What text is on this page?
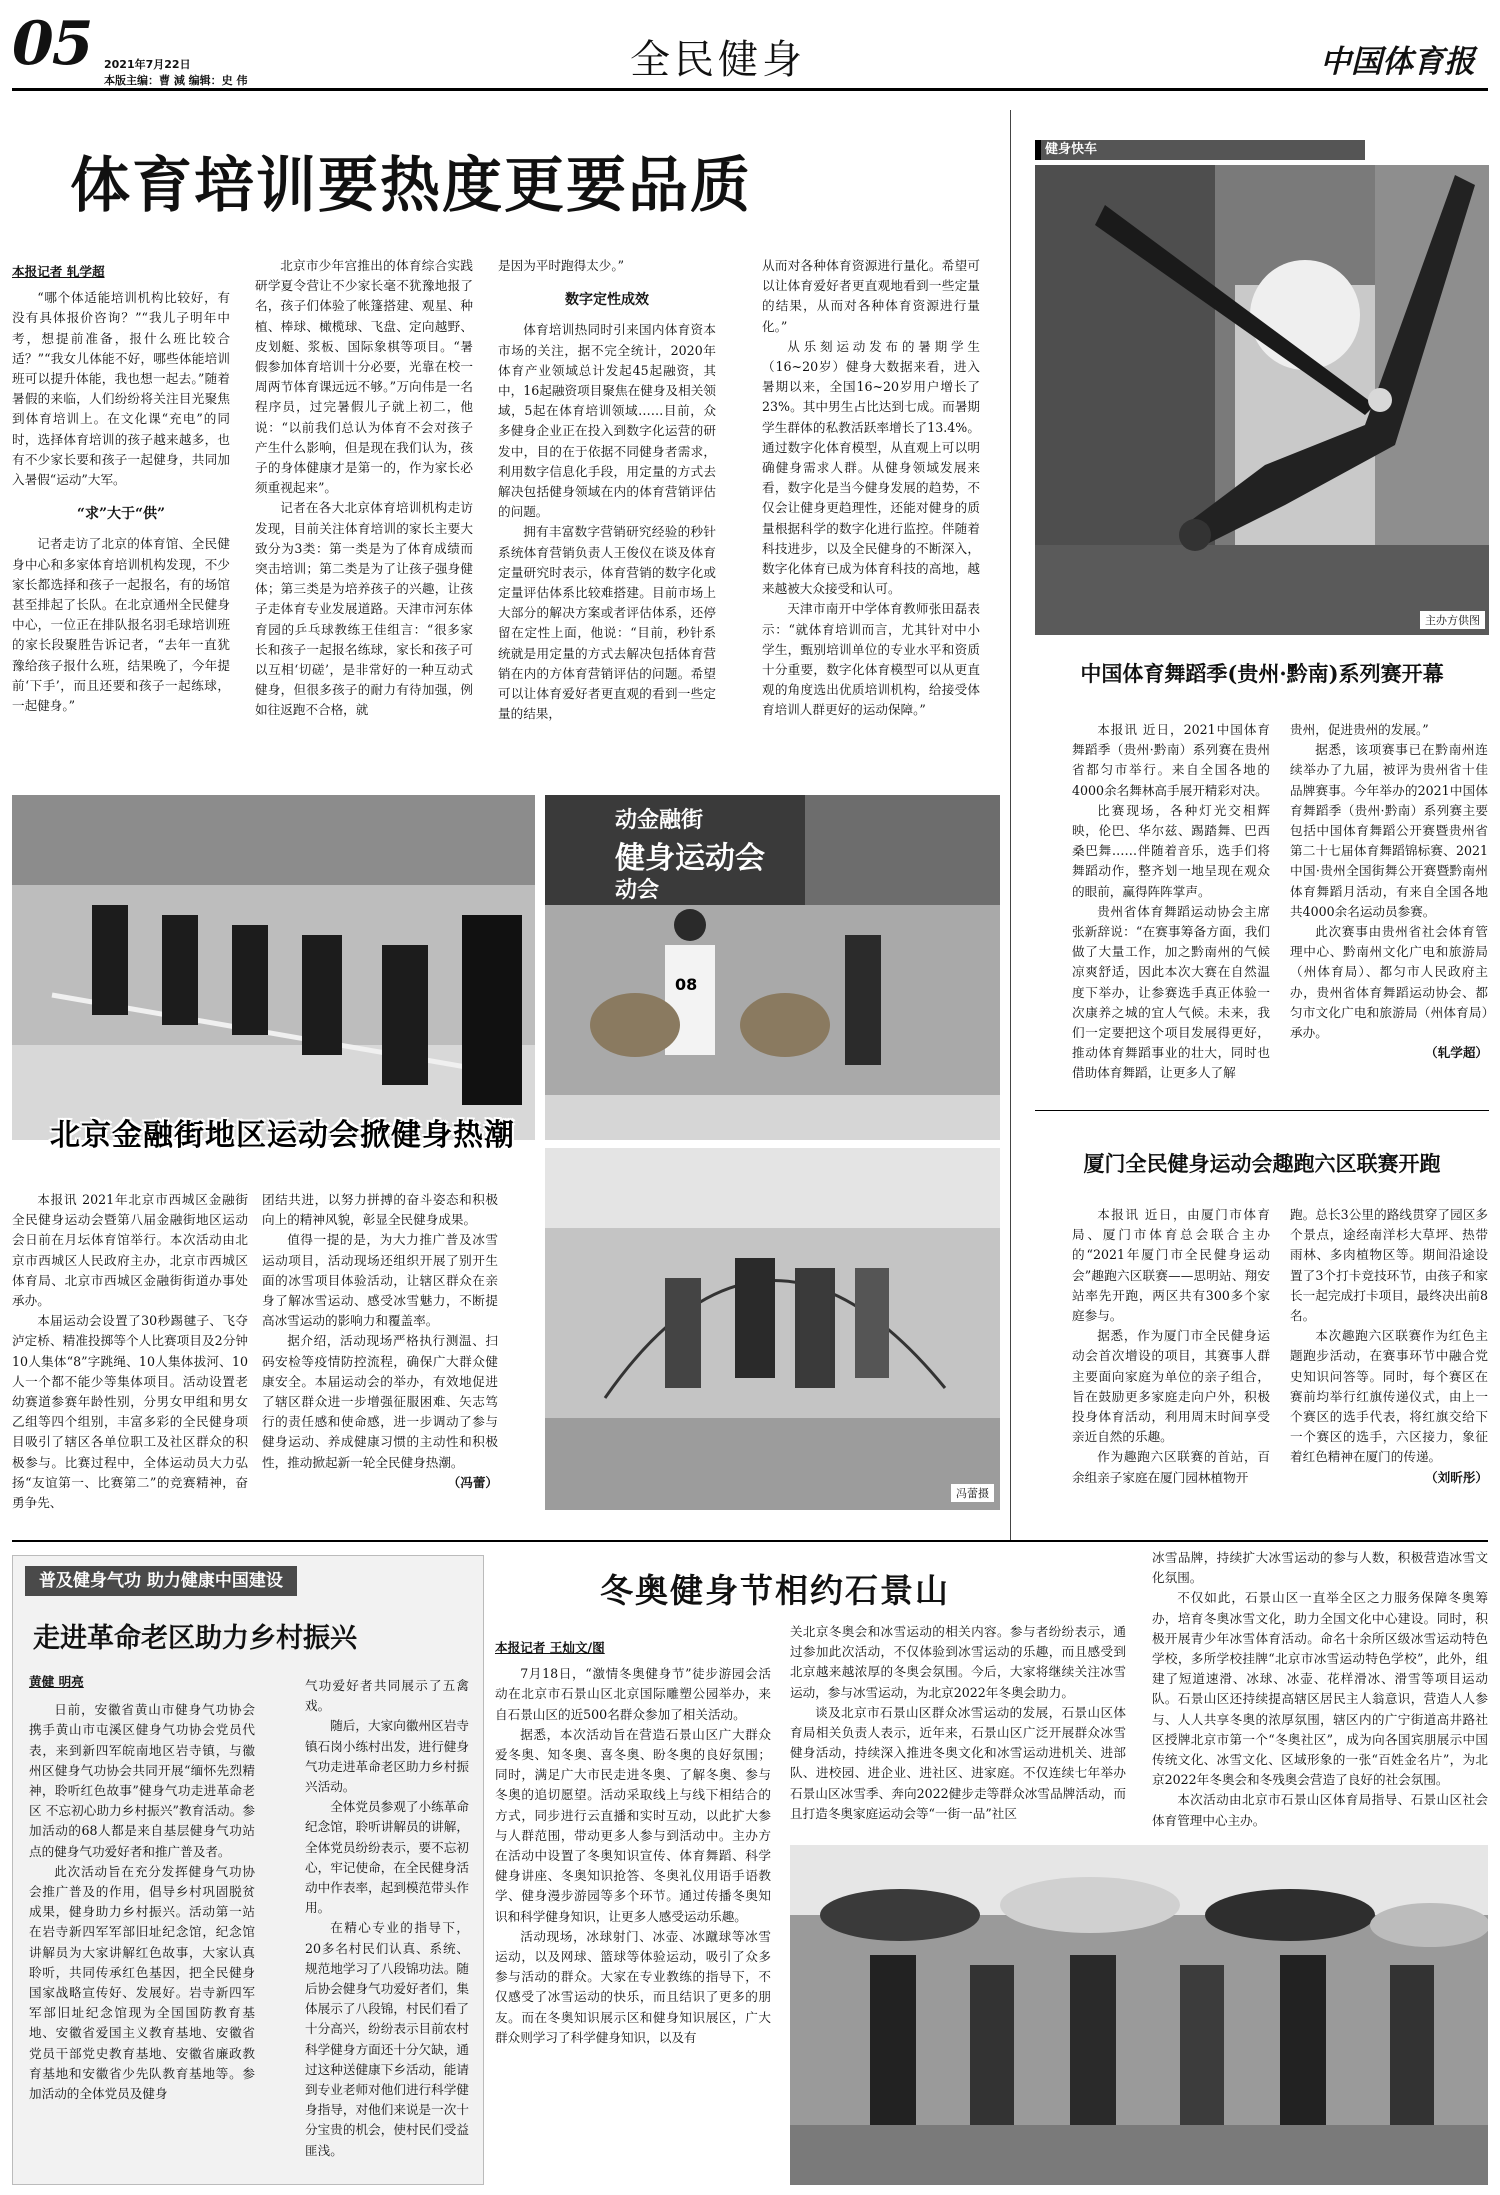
05 2021年7月22日
本版主编：曹 減 编辑：史 伟	全民健身	中国体育报
体育培训要热度更要品质

本报记者 轧学超

“哪个体适能培训机构比较好，有没有具体报价咨询？”“我儿子明年中考，想提前准备，报什么班比较合适？”“我女儿体能不好，哪些体能培训班可以提升体能，我也想一起去。”随着暑假的来临，人们纷纷将关注目光聚焦到体育培训上。在文化课“充电”的同时，选择体育培训的孩子越来越多，也有不少家长要和孩子一起健身，共同加入暑假“运动”大军。

“求”大于“供”

记者走访了北京的体育馆、全民健身中心和多家体育培训机构发现，不少家长都选择和孩子一起报名，有的场馆甚至排起了长队。在北京通州全民健身中心，一位正在排队报名羽毛球培训班的家长段聚胜告诉记者，“去年一直犹豫给孩子报什么班，结果晚了，今年提前‘下手’，而且还要和孩子一起练球，一起健身。”

北京市少年宫推出的体育综合实践研学夏令营让不少家长毫不犹豫地报了名，孩子们体验了帐篷搭建、观星、种植、棒球、橄榄球、飞盘、定向越野、皮划艇、浆板、国际象棋等项目。“暑假参加体育培训十分必要，光靠在校一周两节体育课远远不够。”万向伟是一名程序员，过完暑假儿子就上初二，他说：“以前我们总认为体育不会对孩子产生什么影响，但是现在我们认为，孩子的身体健康才是第一的，作为家长必须重视起来”。

记者在各大北京体育培训机构走访发现，目前关注体育培训的家长主要大致分为3类：第一类是为了体育成绩而突击培训；第二类是为了让孩子强身健体；第三类是为培养孩子的兴趣，让孩子走体育专业发展道路。天津市河东体育园的乒乓球教练王佳组言：“很多家长和孩子一起报名练球，家长和孩子可以互相‘切磋’，是非常好的一种互动式健身，但很多孩子的耐力有待加强，例如往返跑不合格，就

是因为平时跑得太少。”

数字定性成效

体育培训热同时引来国内体育资本市场的关注，据不完全统计，2020年体育产业领域总计发起45起融资，其中，16起融资项目聚焦在健身及相关领域，5起在体育培训领域……目前，众多健身企业正在投入到数字化运营的研发中，目的在于依据不同健身者需求，利用数字信息化手段，用定量的方式去解决包括健身领域在内的体育营销评估的问题。

拥有丰富数字营销研究经验的秒针系统体育营销负责人王俊仪在谈及体育定量研究时表示，体育营销的数字化或定量评估体系比较难搭建。目前市场上大部分的解决方案或者评估体系，还停留在定性上面，他说：“目前，秒针系统就是用定量的方式去解决包括体育营销在内的方体育营销评估的问题。希望可以让体育爱好者更直观的看到一些定量的结果，

从而对各种体育资源进行量化。希望可以让体育爱好者更直观地看到一些定量的结果，从而对各种体育资源进行量化。”

从乐刻运动发布的暑期学生（16~20岁）健身大数据来看，进入暑期以来，全国16~20岁用户增长了23%。其中男生占比达到七成。而暑期学生群体的私教活跃率增长了13.4%。通过数字化体育模型，从直观上可以明确健身需求人群。从健身领域发展来看，数字化是当今健身发展的趋势，不仅会让健身更趋理性，还能对健身的质量根据科学的数字化进行监控。伴随着科技进步，以及全民健身的不断深入，数字化体育已成为体育科技的高地，越来越被大众接受和认可。

天津市南开中学体育教师张田磊表示：“就体育培训而言，尤其针对中小学生，甄别培训单位的专业水平和资质十分重要，数字化体育模型可以从更直观的角度选出优质培训机构，给接受体育培训人群更好的运动保障。”

健身快车
主办方供图
中国体育舞蹈季(贵州·黔南)系列赛开幕

本报讯 近日，2021中国体育舞蹈季（贵州·黔南）系列赛在贵州省都匀市举行。来自全国各地的4000余名舞林高手展开精彩对决。

比赛现场，各种灯光交相辉映，伦巴、华尔兹、踢踏舞、巴西桑巴舞……伴随着音乐，选手们将舞蹈动作，整齐划一地呈现在观众的眼前，赢得阵阵掌声。

贵州省体育舞蹈运动协会主席张新辞说：“在赛事筹备方面，我们做了大量工作，加之黔南州的气候凉爽舒适，因此本次大赛在自然温度下举办，让参赛选手真正体验一次康养之城的宜人气候。未来，我们一定要把这个项目发展得更好，推动体育舞蹈事业的壮大，同时也借助体育舞蹈，让更多人了解

贵州，促进贵州的发展。”

据悉，该项赛事已在黔南州连续举办了九届，被评为贵州省十佳品牌赛事。今年举办的2021中国体育舞蹈季（贵州·黔南）系列赛主要包括中国体育舞蹈公开赛暨贵州省第二十七届体育舞蹈锦标赛、2021中国·贵州全国街舞公开赛暨黔南州体育舞蹈月活动，有来自全国各地共4000余名运动员参赛。

此次赛事由贵州省社会体育管理中心、黔南州文化广电和旅游局（州体育局）、都匀市人民政府主办，贵州省体育舞蹈运动协会、都匀市文化广电和旅游局（州体育局）承办。

（轧学超）

厦门全民健身运动会趣跑六区联赛开跑

本报讯 近日，由厦门市体育局、厦门市体育总会联合主办的“2021年厦门市全民健身运动会”趣跑六区联赛——思明站、翔安站率先开跑，两区共有300多个家庭参与。

据悉，作为厦门市全民健身运动会首次增设的项目，其赛事人群主要面向家庭为单位的亲子组合，旨在鼓励更多家庭走向户外，积极投身体育活动，利用周末时间享受亲近自然的乐趣。

作为趣跑六区联赛的首站，百余组亲子家庭在厦门园林植物开

跑。总长3公里的路线贯穿了园区多个景点，途经南洋杉大草坪、热带雨林、多肉植物区等。期间沿途设置了3个打卡竞技环节，由孩子和家长一起完成打卡项目，最终决出前8名。

本次趣跑六区联赛作为红色主题跑步活动，在赛事环节中融合党史知识问答等。同时，每个赛区在赛前均举行红旗传递仪式，由上一个赛区的选手代表，将红旗交给下一个赛区的选手，六区接力，象征着红色精神在厦门的传递。

（刘昕彤）

动金融街
健身运动会
动会
08
北京金融街地区运动会掀健身热潮

本报讯 2021年北京市西城区金融街全民健身运动会暨第八届金融街地区运动会日前在月坛体育馆举行。本次活动由北京市西城区人民政府主办，北京市西城区体育局、北京市西城区金融街街道办事处承办。

本届运动会设置了30秒踢毽子、飞夺泸定桥、精准投掷等个人比赛项目及2分钟10人集体“8”字跳绳、10人集体拔河、10人一个都不能少等集体项目。活动设置老幼赛道参赛年龄性别，分男女甲组和男女乙组等四个组别，丰富多彩的全民健身项目吸引了辖区各单位职工及社区群众的积极参与。比赛过程中，全体运动员大力弘扬“友谊第一、比赛第二”的竞赛精神，奋勇争先、

团结共进，以努力拼搏的奋斗姿态和积极向上的精神风貌，彰显全民健身成果。

值得一提的是，为大力推广普及冰雪运动项目，活动现场还组织开展了别开生面的冰雪项目体验活动，让辖区群众在亲身了解冰雪运动、感受冰雪魅力，不断提高冰雪运动的影响力和覆盖率。

据介绍，活动现场严格执行测温、扫码安检等疫情防控流程，确保广大群众健康安全。本届运动会的举办，有效地促进了辖区群众进一步增强征服困难、矢志笃行的责任感和使命感，进一步调动了参与健身运动、养成健康习惯的主动性和积极性，推动掀起新一轮全民健身热潮。

（冯蕾）

冯蕾摄
普及健身气功 助力健康中国建设
走进革命老区助力乡村振兴

黄健 明亮

日前，安徽省黄山市健身气功协会携手黄山市屯溪区健身气功协会党员代表，来到新四军皖南地区岩寺镇，与徽州区健身气功协会共同开展“缅怀先烈精神，聆听红色故事”健身气功走进革命老区 不忘初心助力乡村振兴”教育活动。参加活动的68人都是来自基层健身气功站点的健身气功爱好者和推广普及者。

此次活动旨在充分发挥健身气功协会推广普及的作用，倡导乡村巩固脱贫成果，健身助力乡村振兴。活动第一站在岩寺新四军军部旧址纪念馆，纪念馆讲解员为大家讲解红色故事，大家认真聆听，共同传承红色基因，把全民健身国家战略宣传好、发展好。岩寺新四军军部旧址纪念馆现为全国国防教育基地、安徽省爱国主义教育基地、安徽省党员干部党史教育基地、安徽省廉政教育基地和安徽省少先队教育基地等。参加活动的全体党员及健身

气功爱好者共同展示了五禽戏。

随后，大家向徽州区岩寺镇石岗小练村出发，进行健身气功走进革命老区助力乡村振兴活动。

全体党员参观了小练革命纪念馆，聆听讲解员的讲解，全体党员纷纷表示，要不忘初心，牢记使命，在全民健身活动中作表率，起到模范带头作用。

在精心专业的指导下，20多名村民们认真、系统、规范地学习了八段锦功法。随后协会健身气功爱好者们，集体展示了八段锦，村民们看了十分高兴，纷纷表示目前农村科学健身方面还十分欠缺，通过这种送健康下乡活动，能请到专业老师对他们进行科学健身指导，对他们来说是一次十分宝贵的机会，使村民们受益匪浅。

冬奥健身节相约石景山

本报记者 王灿文/图

7月18日，“激情冬奥健身节”徒步游园会活动在北京市石景山区北京国际雕塑公园举办，来自石景山区的近500名群众参加了相关活动。

据悉，本次活动旨在营造石景山区广大群众爱冬奥、知冬奥、喜冬奥、盼冬奥的良好氛围；同时，满足广大市民走进冬奥、了解冬奥、参与冬奥的追切愿望。活动采取线上与线下相结合的方式，同步进行云直播和实时互动，以此扩大参与人群范围，带动更多人参与到活动中。主办方在活动中设置了冬奥知识宣传、体育舞蹈、科学健身讲座、冬奥知识抢答、冬奥礼仪用语手语教学、健身漫步游园等多个环节。通过传播冬奥知识和科学健身知识，让更多人感受运动乐趣。

活动现场，冰球射门、冰壶、冰蹴球等冰雪运动，以及网球、篮球等体验运动，吸引了众多参与活动的群众。大家在专业教练的指导下，不仅感受了冰雪运动的快乐，而且结识了更多的朋友。而在冬奥知识展示区和健身知识展区，广大群众则学习了科学健身知识，以及有

关北京冬奥会和冰雪运动的相关内容。参与者纷纷表示，通过参加此次活动，不仅体验到冰雪运动的乐趣，而且感受到北京越来越浓厚的冬奥会氛围。今后，大家将继续关注冰雪运动，参与冰雪运动，为北京2022年冬奥会助力。

谈及北京市石景山区群众冰雪运动的发展，石景山区体育局相关负责人表示，近年来，石景山区广泛开展群众冰雪健身活动，持续深入推进冬奥文化和冰雪运动进机关、进部队、进校园、进企业、进社区、进家庭。不仅连续七年举办石景山区冰雪季、奔向2022健步走等群众冰雪品牌活动，而且打造冬奥家庭运动会等“一街一品”社区

冰雪品牌，持续扩大冰雪运动的参与人数，积极营造冰雪文化氛围。

不仅如此，石景山区一直举全区之力服务保障冬奥筹办，培育冬奥冰雪文化，助力全国文化中心建设。同时，积极开展青少年冰雪体育活动。命名十余所区级冰雪运动特色学校，多所学校挂牌“北京市冰雪运动特色学校”，此外，组建了短道速滑、冰球、冰壶、花样滑冰、滑雪等项目运动队。石景山区还持续提高辖区居民主人翁意识，营造人人参与、人人共享冬奥的浓厚氛围，辖区内的广宁街道高井路社区授牌北京市第一个“冬奥社区”，成为向各国宾朋展示中国传统文化、冰雪文化、区域形象的一张“百姓金名片”，为北京2022年冬奥会和冬残奥会营造了良好的社会氛围。

本次活动由北京市石景山区体育局指导、石景山区社会体育管理中心主办。
